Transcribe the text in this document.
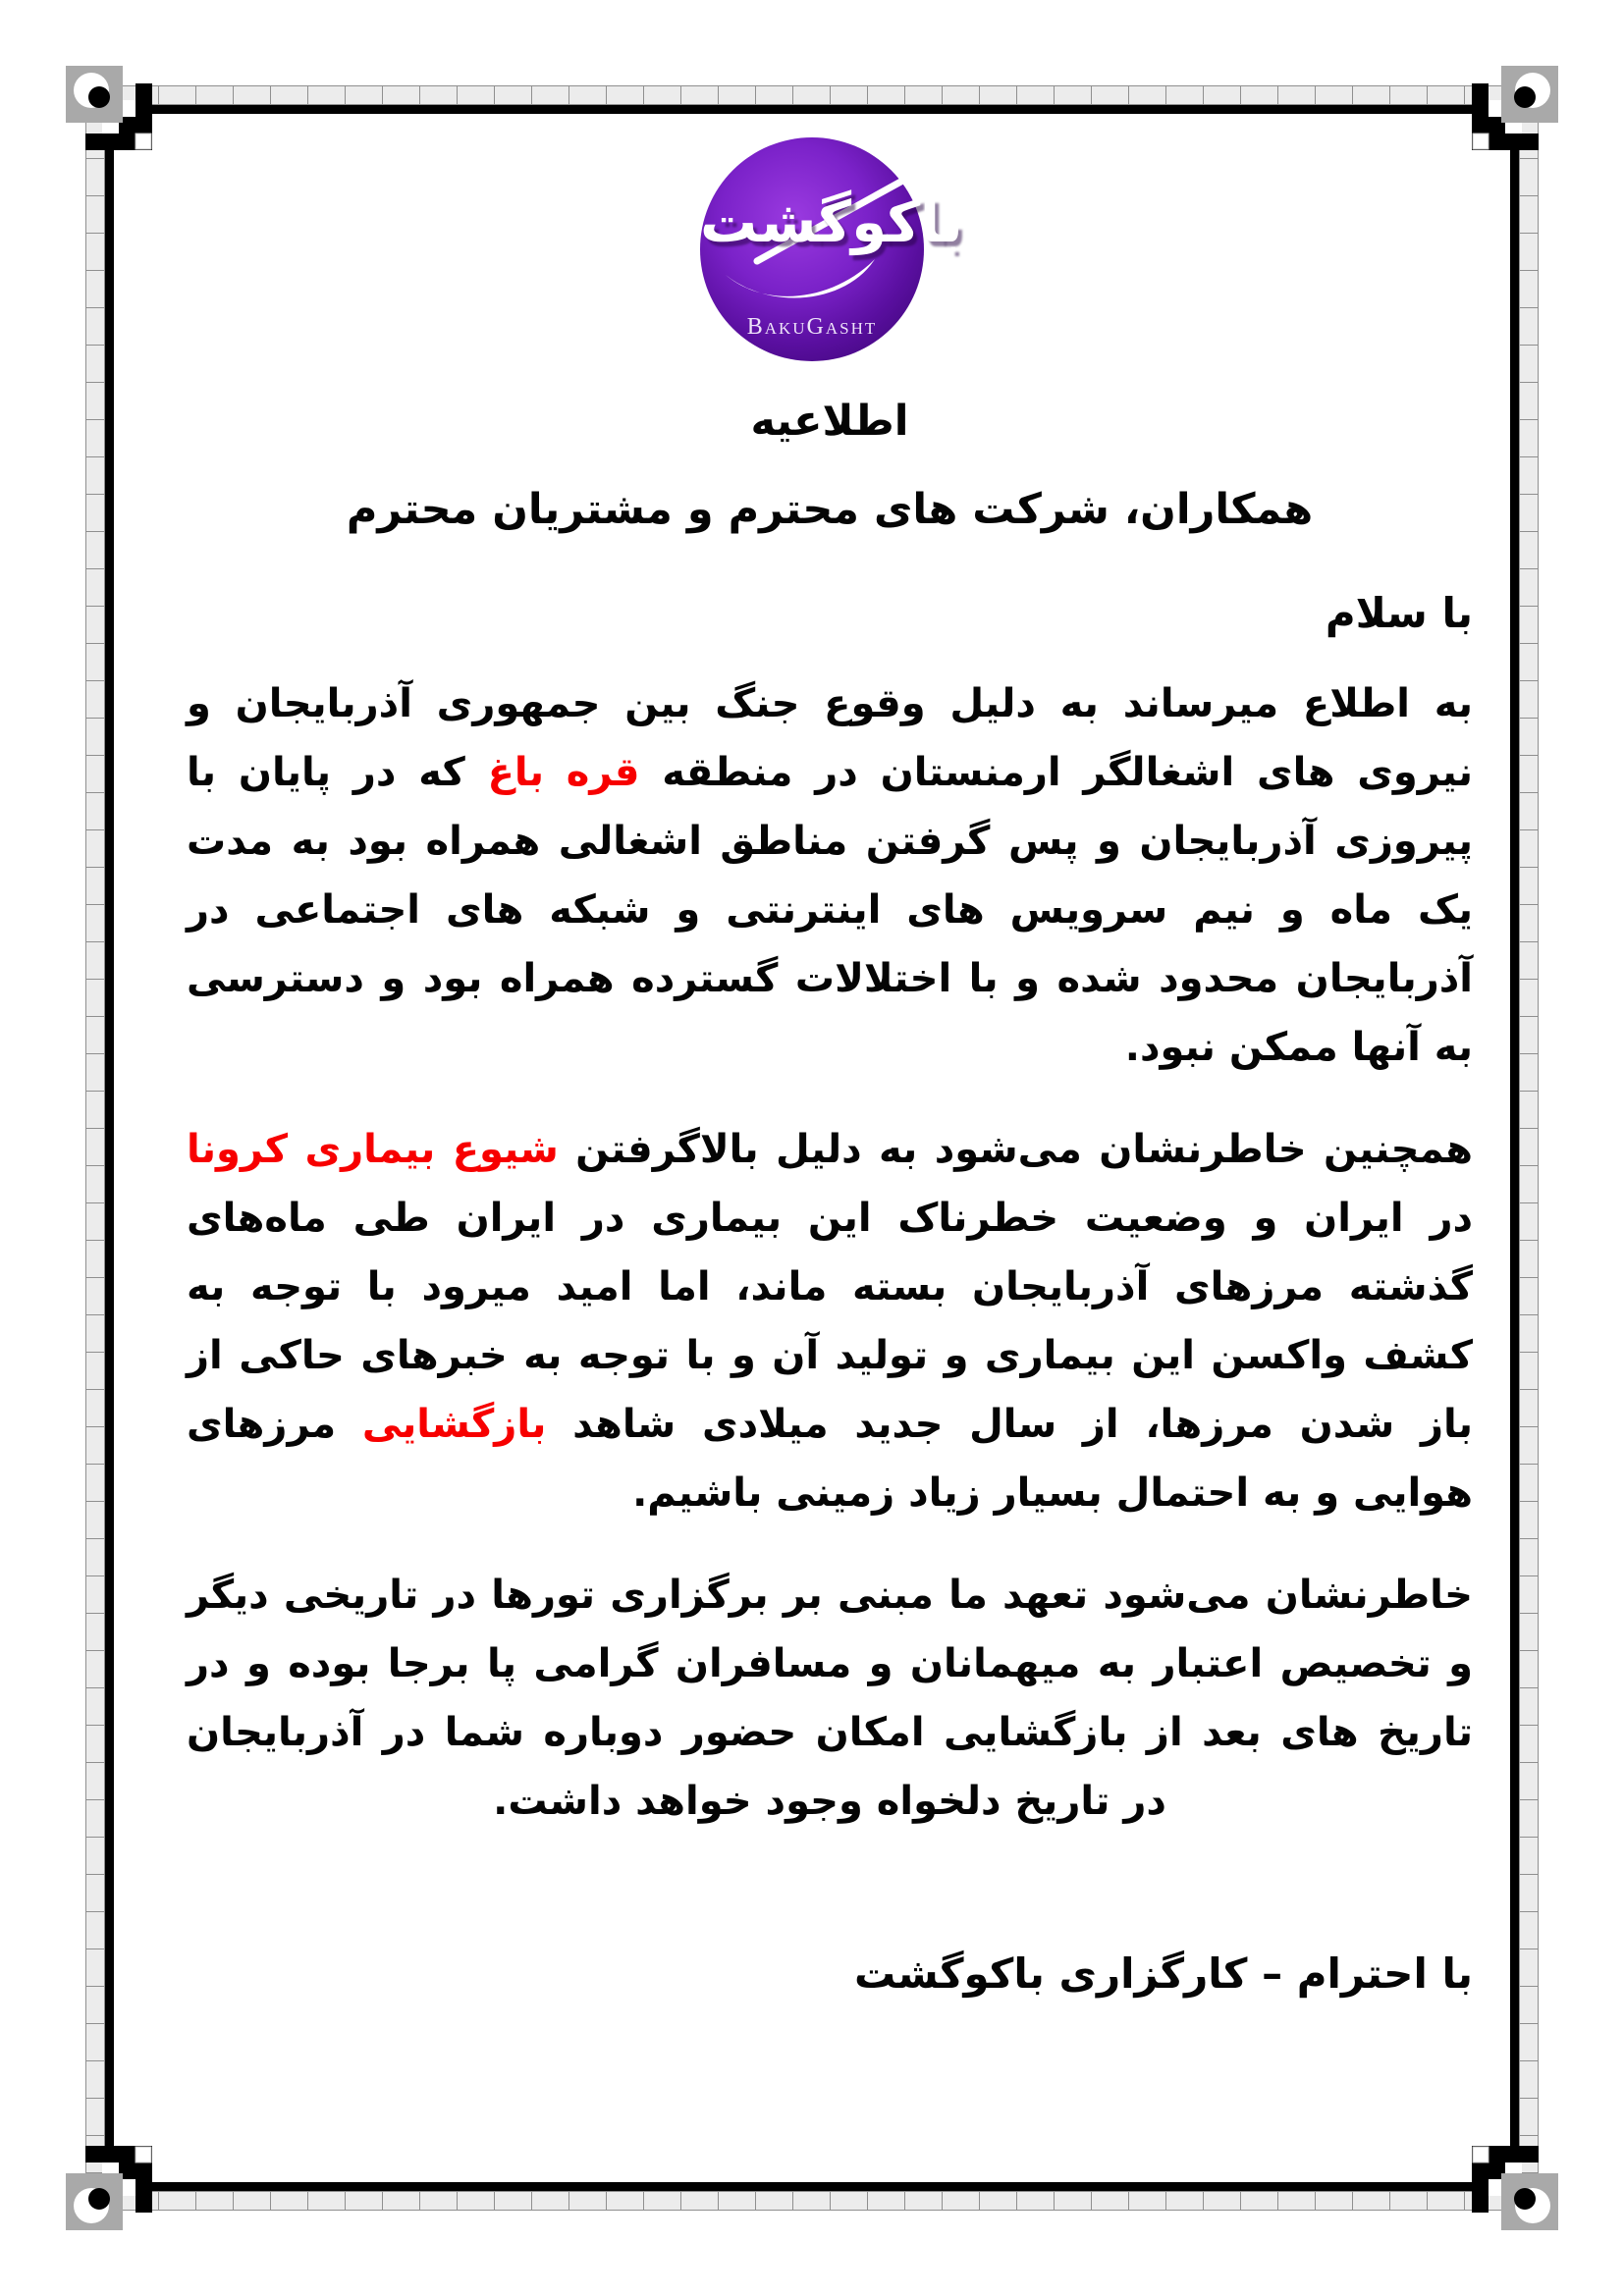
باکوگشت
BakuGasht
اطلاعیه
همکاران، شرکت های محترم و مشتریان محترم
با سلام

به اطلاع میرساند به دلیل وقوع جنگ بین جمهوری آذربایجان و نیروی های اشغالگر ارمنستان در منطقه قره باغ که در پایان با پیروزی آذربایجان و پس گرفتن مناطق اشغالی همراه بود به مدت یک ماه و نیم سرویس های اینترنتی و شبکه های اجتماعی در آذربایجان محدود شده و با اختلالات گسترده همراه بود و دسترسی به آنها ممکن نبود.

همچنین خاطرنشان می‌شود به دلیل بالاگرفتن شیوع بیماری کرونا در ایران و وضعیت خطرناک این بیماری در ایران طی ماه‌های گذشته مرزهای آذربایجان بسته ماند، اما امید میرود با توجه به کشف واکسن این بیماری و تولید آن و با توجه به خبرهای حاکی از باز شدن مرزها، از سال جدید میلادی شاهد بازگشایی مرزهای هوایی و به احتمال بسیار زیاد زمینی باشیم.

خاطرنشان می‌شود تعهد ما مبنی بر برگزاری تورها در تاریخی دیگر و تخصیص اعتبار به میهمانان و مسافران گرامی پا برجا بوده و در تاریخ های بعد از بازگشایی امکان حضور دوباره شما در آذربایجان در تاریخ دلخواه وجود خواهد داشت.

با احترام – کارگزاری باکوگشت
